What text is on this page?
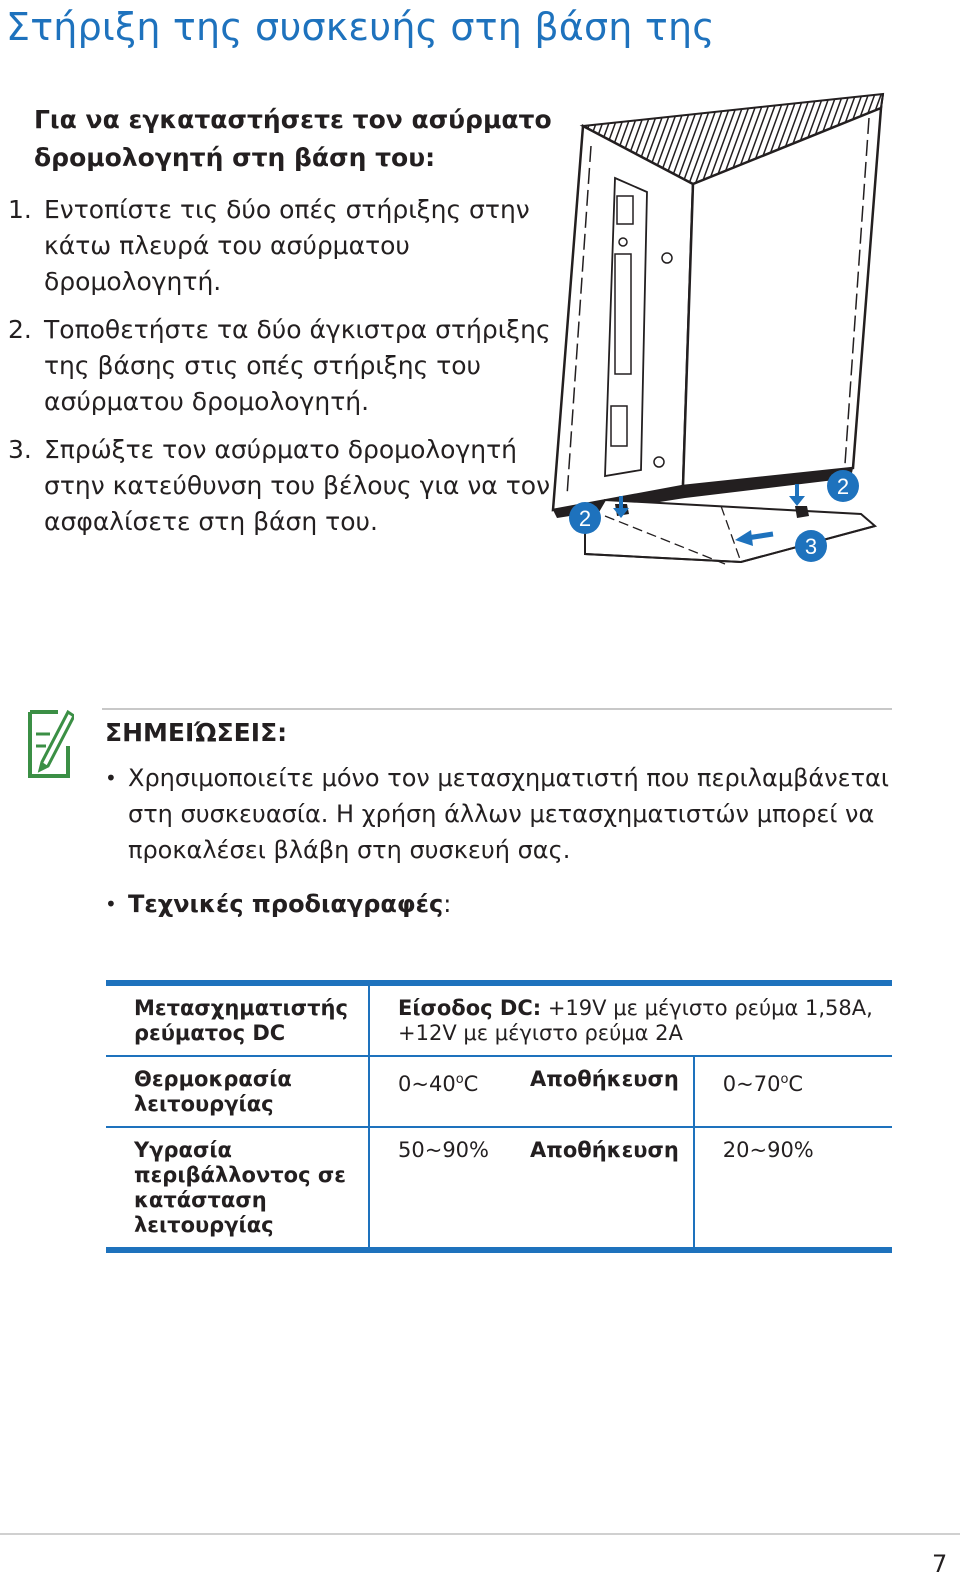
Στήριξη της συσκευής στη βάση της
Για να εγκαταστήσετε τον ασύρματο δρομολογητή στη βάση του:
1. Εντοπίστε τις δύο οπές στήριξης στην κάτω πλευρά του ασύρματου δρομολογητή.
2. Τοποθετήστε τα δύο άγκιστρα στήριξης της βάσης στις οπές στήριξης του ασύρματου δρομολογητή.
3. Σπρώξτε τον ασύρματο δρομολογητή στην κατεύθυνση του βέλους για να τον ασφαλίσετε στη βάση του.	2
2
3
ΣΗΜΕΙΏΣΕΙΣ:
• Χρησιμοποιείτε μόνο τον μετασχηματιστή που περιλαμβάνεται στη συσκευασία. Η χρήση άλλων μετασχηματιστών μπορεί να προκαλέσει βλάβη στη συσκευή σας.
• Τεχνικές προδιαγραφές:
Μετασχηματιστής ρεύματος DC	Είσοδος DC: +19V με μέγιστο ρεύμα 1,58A, +12V με μέγιστο ρεύμα 2A		
Θερμοκρασία λειτουργίας	0~40$^o$C	Αποθήκευση	0~70$^o$C
Υγρασία περιβάλλοντος σε κατάσταση λειτουργίας	50~90%	Αποθήκευση	20~90%
7
